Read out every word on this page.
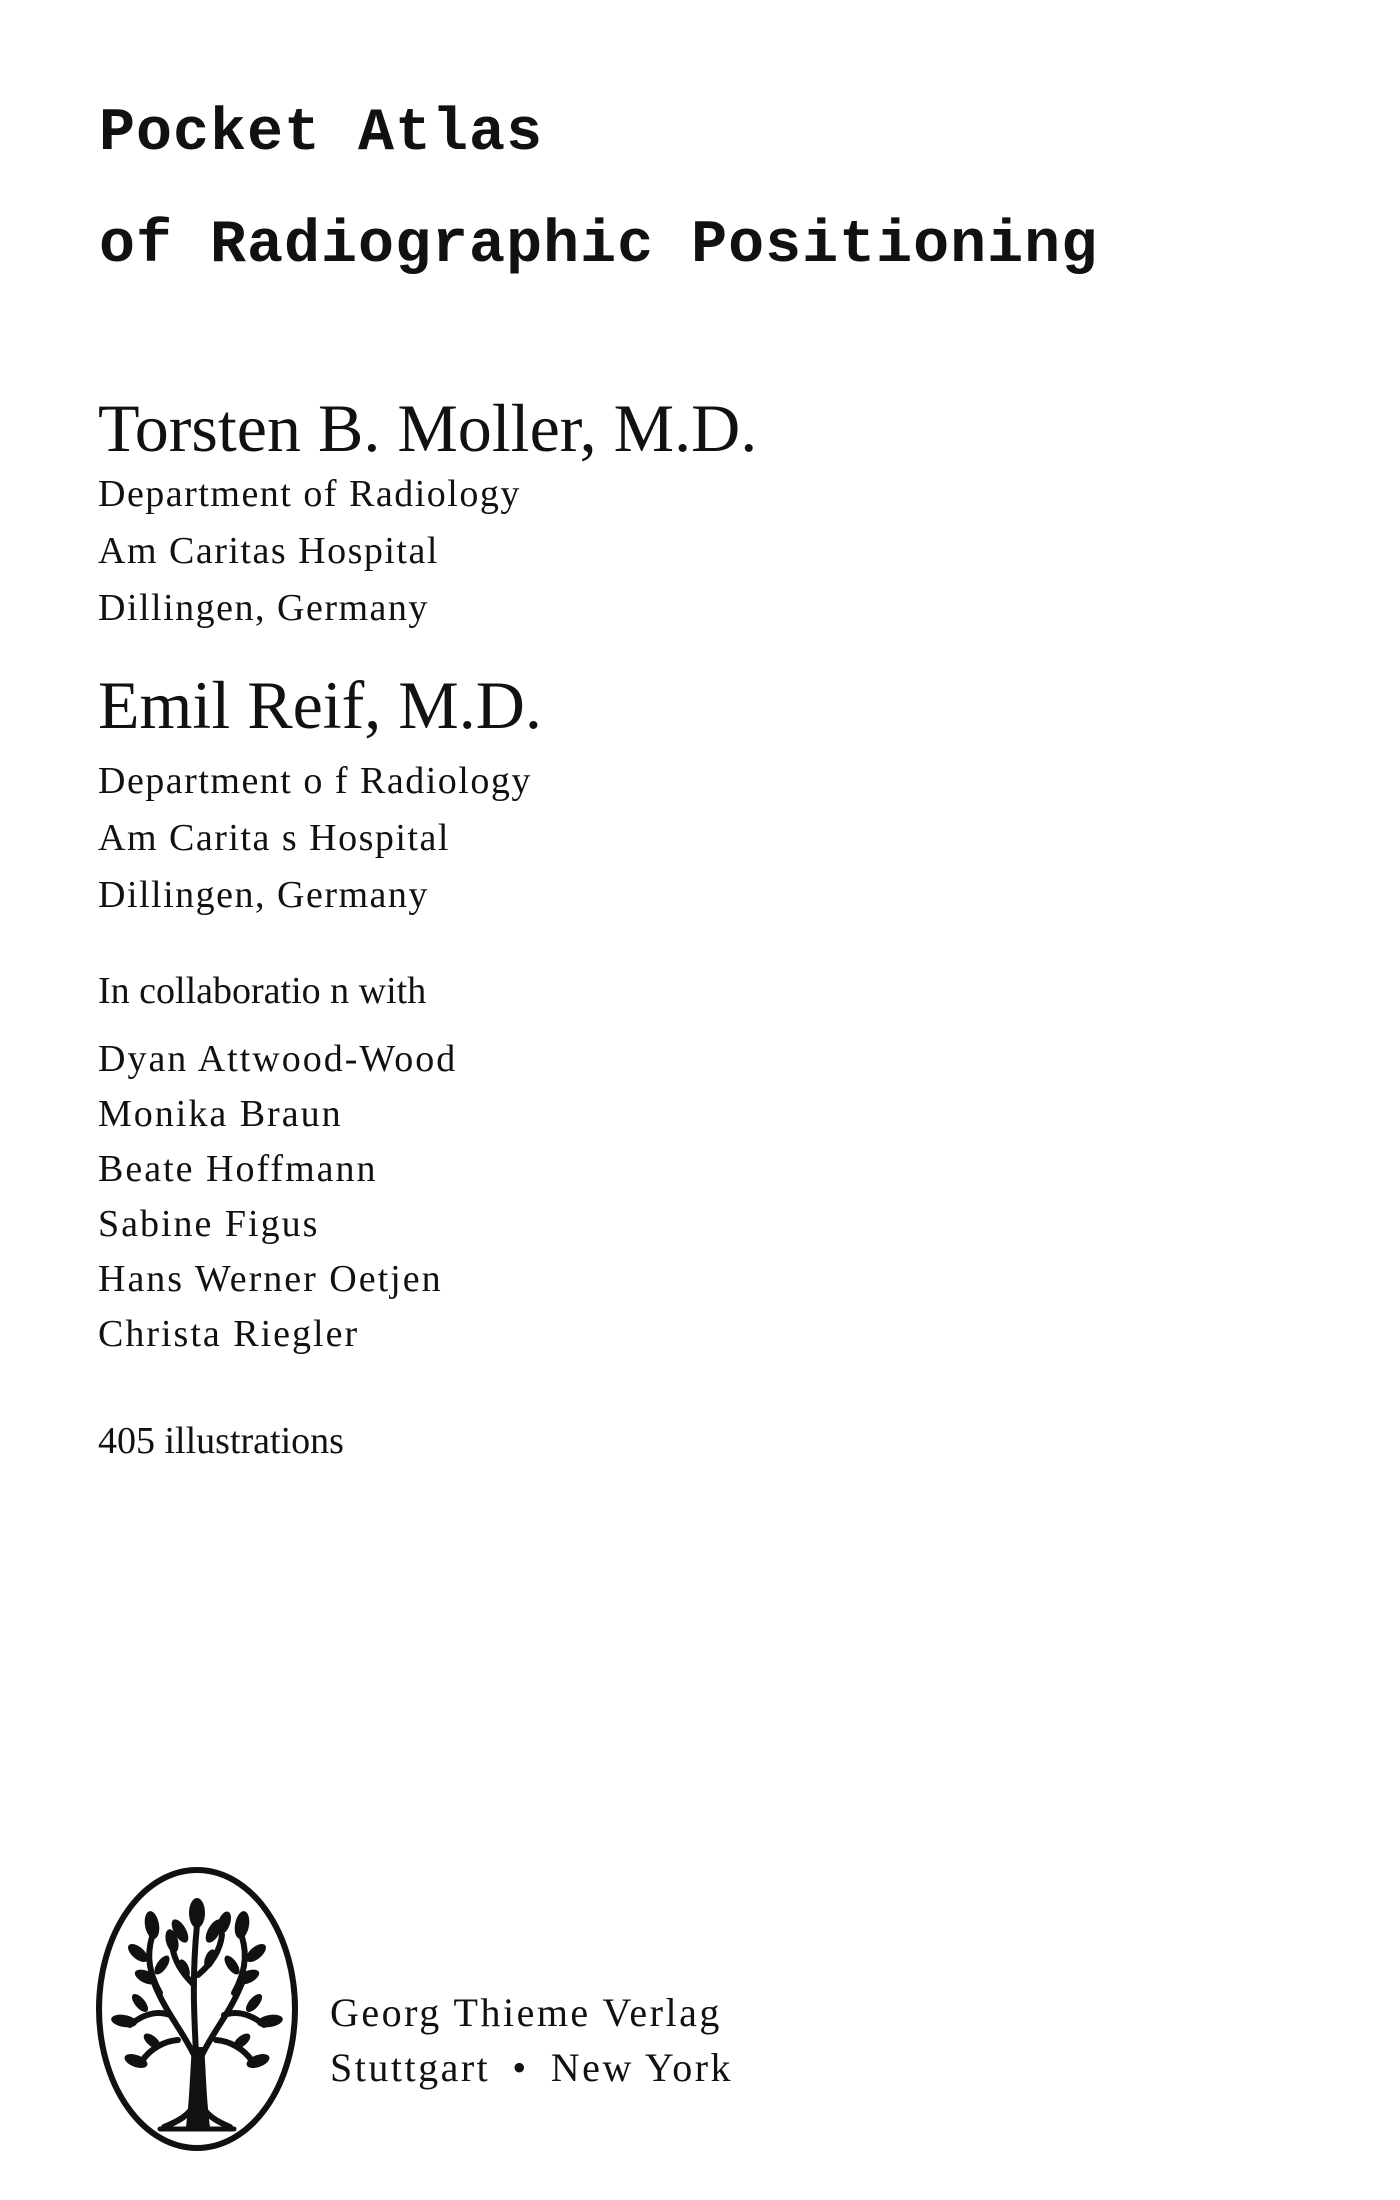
Pocket Atlas
of Radiographic Positioning
Torsten B. Moller, M.D.

Department of Radiology
Am Caritas Hospital
Dillingen, Germany

Emil Reif, M.D.

Department o f Radiology
Am Carita s Hospital
Dillingen, Germany

In collaboratio n with

Dyan Attwood-Wood
Monika Braun
Beate Hoffmann
Sabine Figus
Hans Werner Oetjen
Christa Riegler

405 illustrations

Georg Thieme Verlag
Stuttgart • New York
